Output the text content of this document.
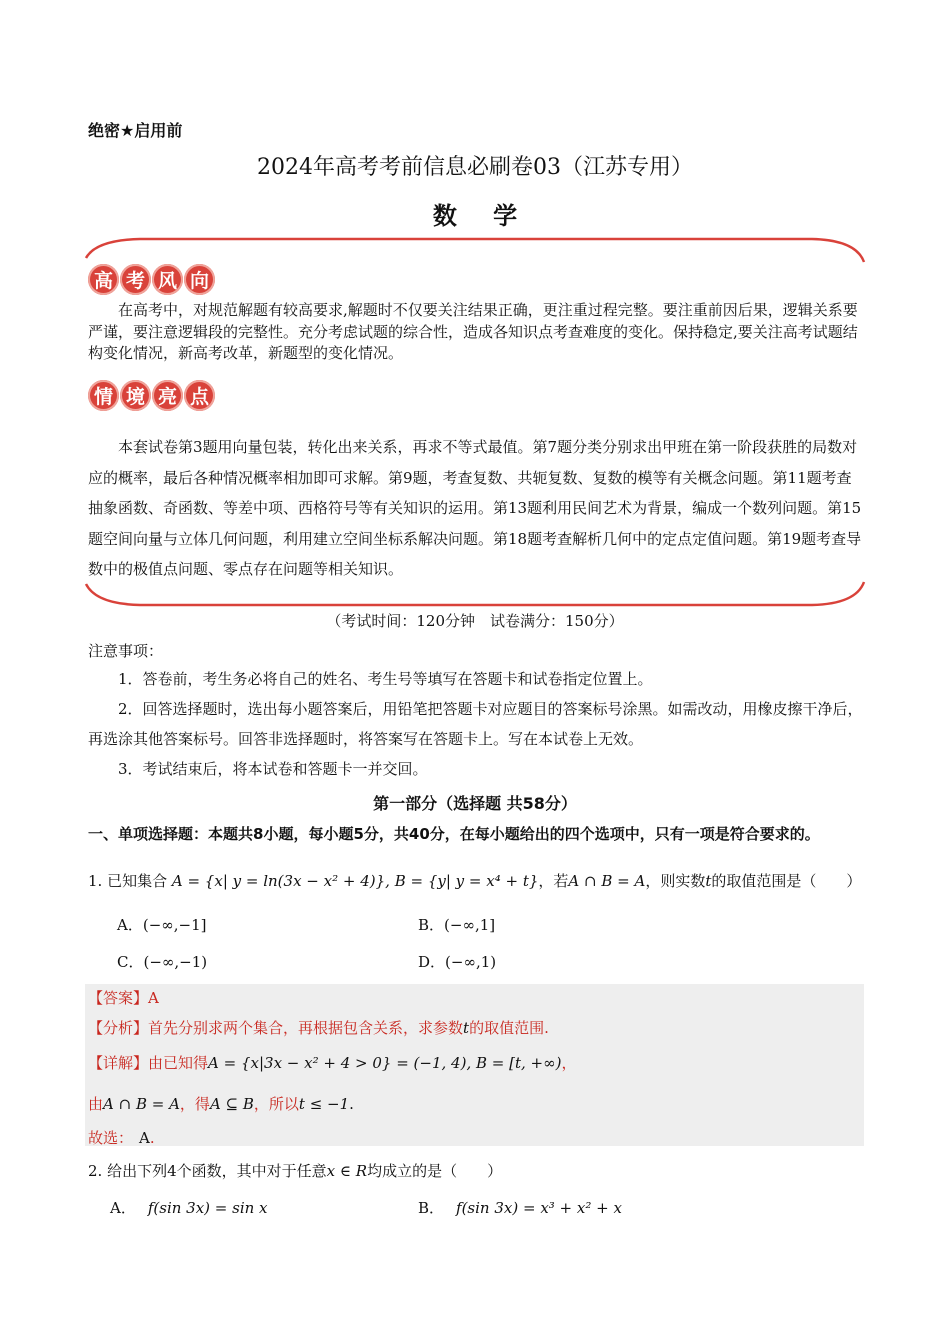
绝密★启用前
2024年高考考前信息必刷卷03（江苏专用）
数 学
高 考 风 向
在高考中，对规范解题有较高要求,解题时不仅要关注结果正确，更注重过程完整。要注重前因后果，逻辑关系要严谨，要注意逻辑段的完整性。充分考虑试题的综合性，造成各知识点考查难度的变化。保持稳定,要关注高考试题结构变化情况，新高考改革，新题型的变化情况。
情 境 亮 点
本套试卷第3题用向量包装，转化出来关系，再求不等式最值。第7题分类分别求出甲班在第一阶段获胜的局数对应的概率，最后各种情况概率相加即可求解。第9题，考查复数、共轭复数、复数的模等有关概念问题。第11题考查抽象函数、奇函数、等差中项、西格符号等有关知识的运用。第13题利用民间艺术为背景，编成一个数列问题。第15题空间向量与立体几何问题，利用建立空间坐标系解决问题。第18题考查解析几何中的定点定值问题。第19题考查导数中的极值点问题、零点存在问题等相关知识。
（考试时间：120分钟　试卷满分：150分）
注意事项：
1．答卷前，考生务必将自己的姓名、考生号等填写在答题卡和试卷指定位置上。
2．回答选择题时，选出每小题答案后，用铅笔把答题卡对应题目的答案标号涂黑。如需改动，用橡皮擦干净后，再选涂其他答案标号。回答非选择题时，将答案写在答题卡上。写在本试卷上无效。
3．考试结束后，将本试卷和答题卡一并交回。
第一部分（选择题 共58分）
一、单项选择题：本题共8小题，每小题5分，共40分，在每小题给出的四个选项中，只有一项是符合要求的。
1. 已知集合 A = {x| y = ln(3x − x² + 4)}, B = {y| y = x⁴ + t}，若A ∩ B = A，则实数t的取值范围是（　　）
A．(−∞,−1]	B．(−∞,1]
C．(−∞,−1)	D．(−∞,1)
【答案】A
【分析】首先分别求两个集合，再根据包含关系，求参数t的取值范围.
【详解】由已知得A = {x|3x − x² + 4 > 0} = (−1, 4), B = [t, +∞)，
由A ∩ B = A，得A ⊆ B，所以t ≤ −1.
故选： A.
2. 给出下列4个函数，其中对于任意x ∈ R均成立的是（　　）
A． f(sin 3x) = sin x	B． f(sin 3x) = x³ + x² + x
